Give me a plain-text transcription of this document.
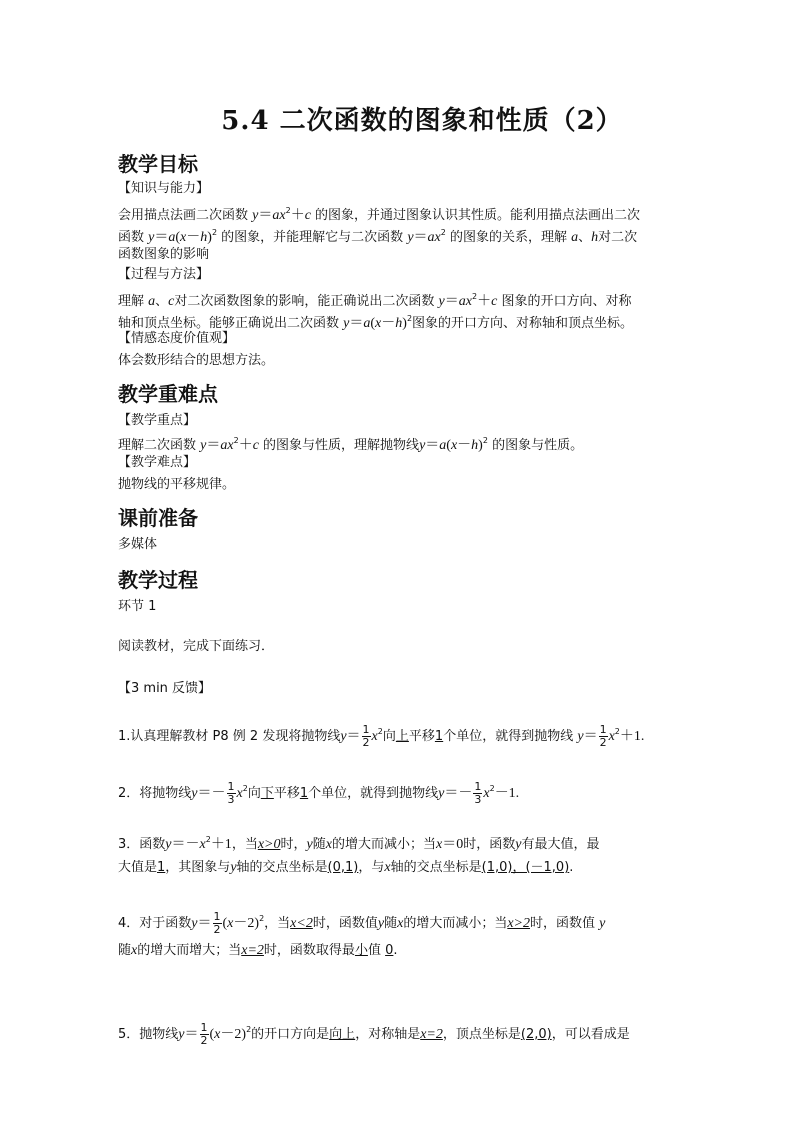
5.4 二次函数的图象和性质（2）
教学目标
【知识与能力】
会用描点法画二次函数 $y=ax^2+c$ 的图象，并通过图象认识其性质。能利用描点法画出二次
函数 $y=a(x-h)^2$ 的图象，并能理解它与二次函数 $y=ax^2$ 的图象的关系，理解 a、h对二次
函数图象的影响
【过程与方法】
理解 a、c对二次函数图象的影响，能正确说出二次函数 $y=ax^2+c$ 图象的开口方向、对称
轴和顶点坐标。能够正确说出二次函数 $y=a(x-h)^2$图象的开口方向、对称轴和顶点坐标。
【情感态度价值观】
体会数形结合的思想方法。
教学重难点
【教学重点】
理解二次函数 $y=ax^2+c$ 的图象与性质，理解抛物线$y=a(x-h)^2$ 的图象与性质。
【教学难点】
抛物线的平移规律。
课前准备
多媒体
教学过程
环节 1
阅读教材，完成下面练习．
【3 min 反馈】
1.认真理解教材 P8 例 2 发现将抛物线$y= \frac{1}{2} x^2$向上平移1个单位，就得到抛物线 $y= \frac{1}{2} x^2+1$.
2．将抛物线$y=- \frac{1}{3} x^2$向下平移1个单位，就得到抛物线$y=- \frac{1}{3} x^2-1$.
3．函数$y=-x^2+1$，当x>0时，y随x的增大而减小；当x＝0时，函数y有最大值，最
大值是1，其图象与y轴的交点坐标是(0,1)，与x轴的交点坐标是(1,0)，(－1,0).
4．对于函数$y= \frac{1}{2} (x-2)^2$，当x<2时，函数值y随x的增大而减小；当x>2时，函数值 y
随x的增大而增大；当x=2时，函数取得最小值 0.
5．抛物线$y= \frac{1}{2} (x-2)^2$的开口方向是向上，对称轴是x=2，顶点坐标是(2,0)，可以看成是
